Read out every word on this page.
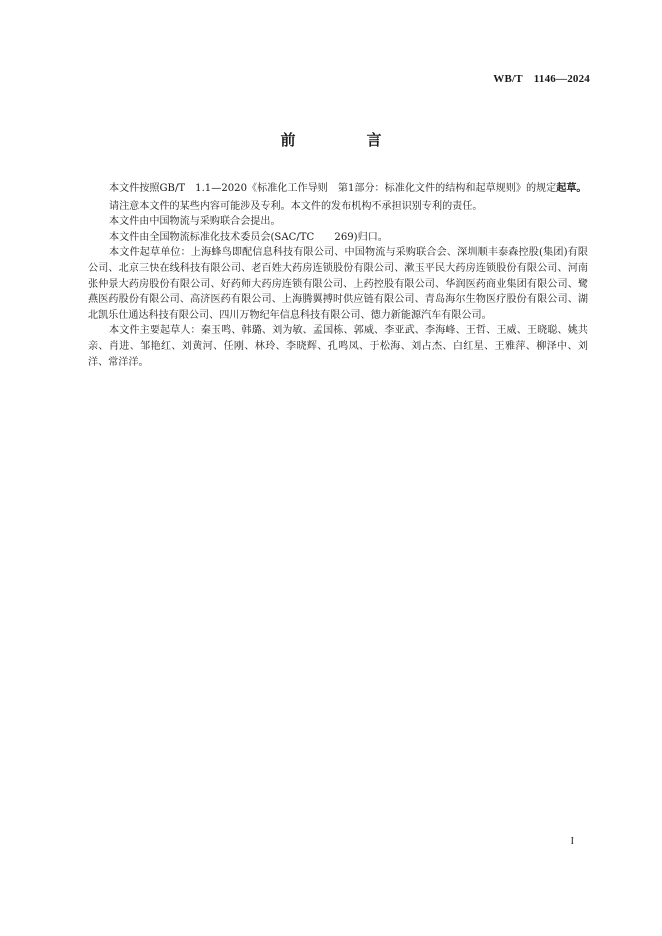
WB/T　1146—2024
前　言

本文件按照GB/T　1.1—2020《标准化工作导则　第1部分：标准化文件的结构和起草规则》的规定起草。

请注意本文件的某些内容可能涉及专利。本文件的发布机构不承担识别专利的责任。

本文件由中国物流与采购联合会提出。

本文件由全国物流标准化技术委员会(SAC/TC　　269)归口。

本文件起草单位：上海蜂鸟即配信息科技有限公司、中国物流与采购联合会、深圳顺丰泰森控股(集团)有限公司、北京三快在线科技有限公司、老百姓大药房连锁股份有限公司、漱玉平民大药房连锁股份有限公司、河南张仲景大药房股份有限公司、好药师大药房连锁有限公司、上药控股有限公司、华润医药商业集团有限公司、鹭燕医药股份有限公司、高济医药有限公司、上海腾翼搏时供应链有限公司、青岛海尔生物医疗股份有限公司、湖北凯乐仕通达科技有限公司、四川万物纪年信息科技有限公司、德力新能源汽车有限公司。

本文件主要起草人：秦玉鸣、韩璐、刘为敏、孟国栋、郭威、李亚武、李海峰、王哲、王威、王晓聪、姚共亲、肖进、邹艳红、刘黄河、任刚、林玲、李晓辉、孔鸣凤、于松海、刘占杰、白红星、王雅萍、柳泽中、刘洋、常洋洋。

I
